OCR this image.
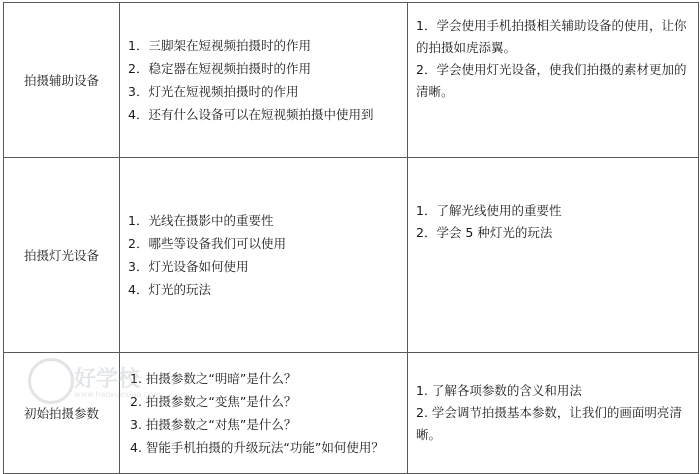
拍摄辅助设备	1．三脚架在短视频拍摄时的作用
2．稳定器在短视频拍摄时的作用
3．灯光在短视频拍摄时的作用
4．还有什么设备可以在短视频拍摄中使用到	1．学会使用手机拍摄相关辅助设备的使用，让你的拍摄如虎添翼。
2．学会使用灯光设备，使我们拍摄的素材更加的清晰。

拍摄灯光设备	1．光线在摄影中的重要性
2．哪些等设备我们可以使用
3．灯光设备如何使用
4．灯光的玩法	1．了解光线使用的重要性
2．学会 5 种灯光的玩法

初始拍摄参数	1. 拍摄参数之“明暗”是什么？
2. 拍摄参数之“变焦”是什么？
3. 拍摄参数之“对焦”是什么？
4. 智能手机拍摄的升级玩法“功能”如何使用？	1. 了解各项参数的含义和用法
2. 学会调节拍摄基本参数，让我们的画面明亮清晰。
好学校
www.haoxuexiao.com
